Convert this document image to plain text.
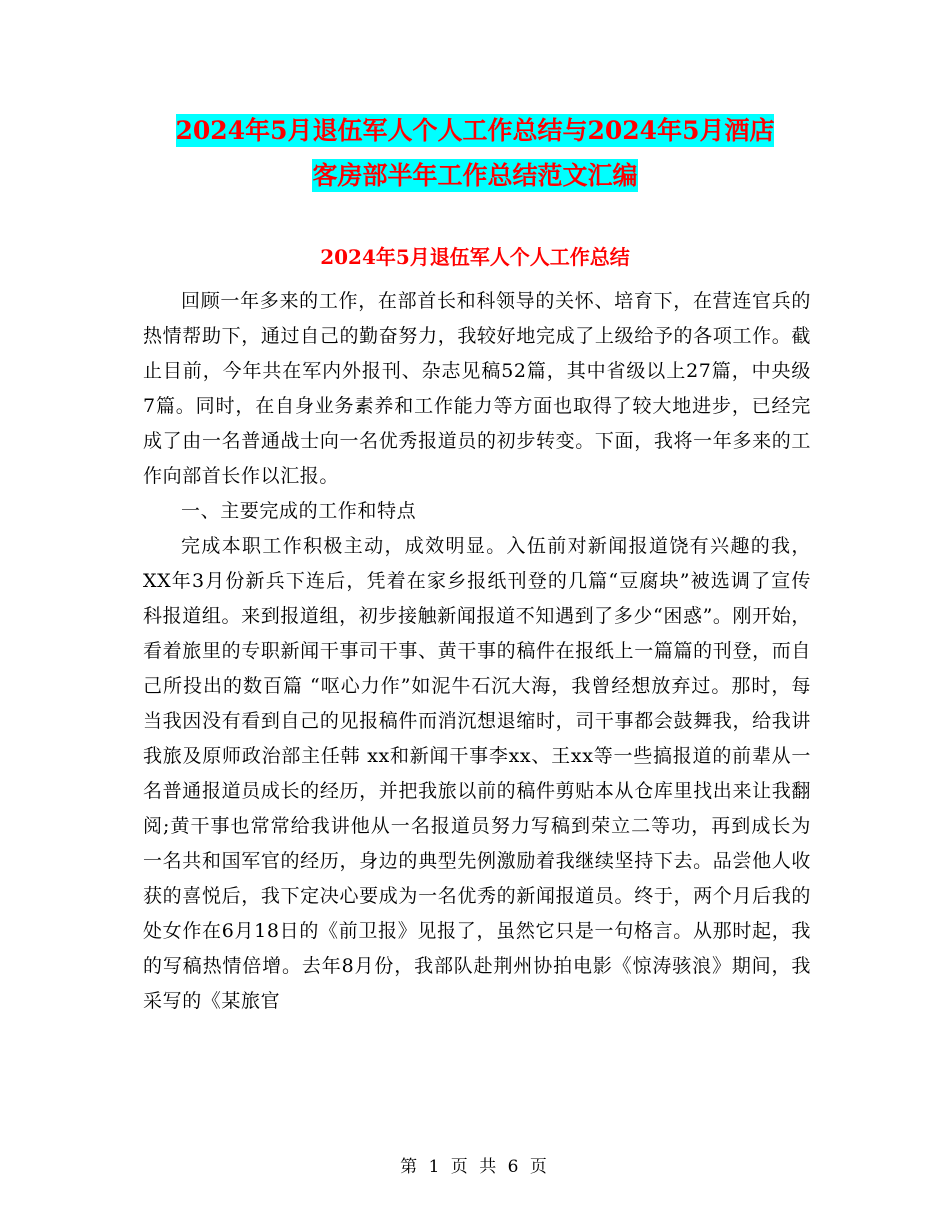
2024年5月退伍军人个人工作总结与2024年5月酒店
客房部半年工作总结范文汇编
2024年5月退伍军人个人工作总结

回顾一年多来的工作，在部首长和科领导的关怀、培育下，在营连官兵的热情帮助下，通过自己的勤奋努力，我较好地完成了上级给予的各项工作。截止目前，今年共在军内外报刊、杂志见稿52篇，其中省级以上27篇，中央级7篇。同时，在自身业务素养和工作能力等方面也取得了较大地进步，已经完成了由一名普通战士向一名优秀报道员的初步转变。下面，我将一年多来的工作向部首长作以汇报。

一、主要完成的工作和特点

完成本职工作积极主动，成效明显。入伍前对新闻报道饶有兴趣的我，XX年3月份新兵下连后，凭着在家乡报纸刊登的几篇“豆腐块”被选调了宣传科报道组。来到报道组，初步接触新闻报道不知遇到了多少“困惑”。刚开始，看着旅里的专职新闻干事司干事、黄干事的稿件在报纸上一篇篇的刊登，而自己所投出的数百篇 “呕心力作”如泥牛石沉大海，我曾经想放弃过。那时，每当我因没有看到自己的见报稿件而消沉想退缩时，司干事都会鼓舞我，给我讲我旅及原师政治部主任韩 xx和新闻干事李xx、王xx等一些搞报道的前辈从一名普通报道员成长的经历，并把我旅以前的稿件剪贴本从仓库里找出来让我翻阅;黄干事也常常给我讲他从一名报道员努力写稿到荣立二等功，再到成长为一名共和国军官的经历，身边的典型先例激励着我继续坚持下去。品尝他人收获的喜悦后，我下定决心要成为一名优秀的新闻报道员。终于，两个月后我的处女作在6月18日的《前卫报》见报了，虽然它只是一句格言。从那时起，我的写稿热情倍增。去年8月份，我部队赴荆州协拍电影《惊涛骇浪》期间，我采写的《某旅官

第 1 页 共 6 页
